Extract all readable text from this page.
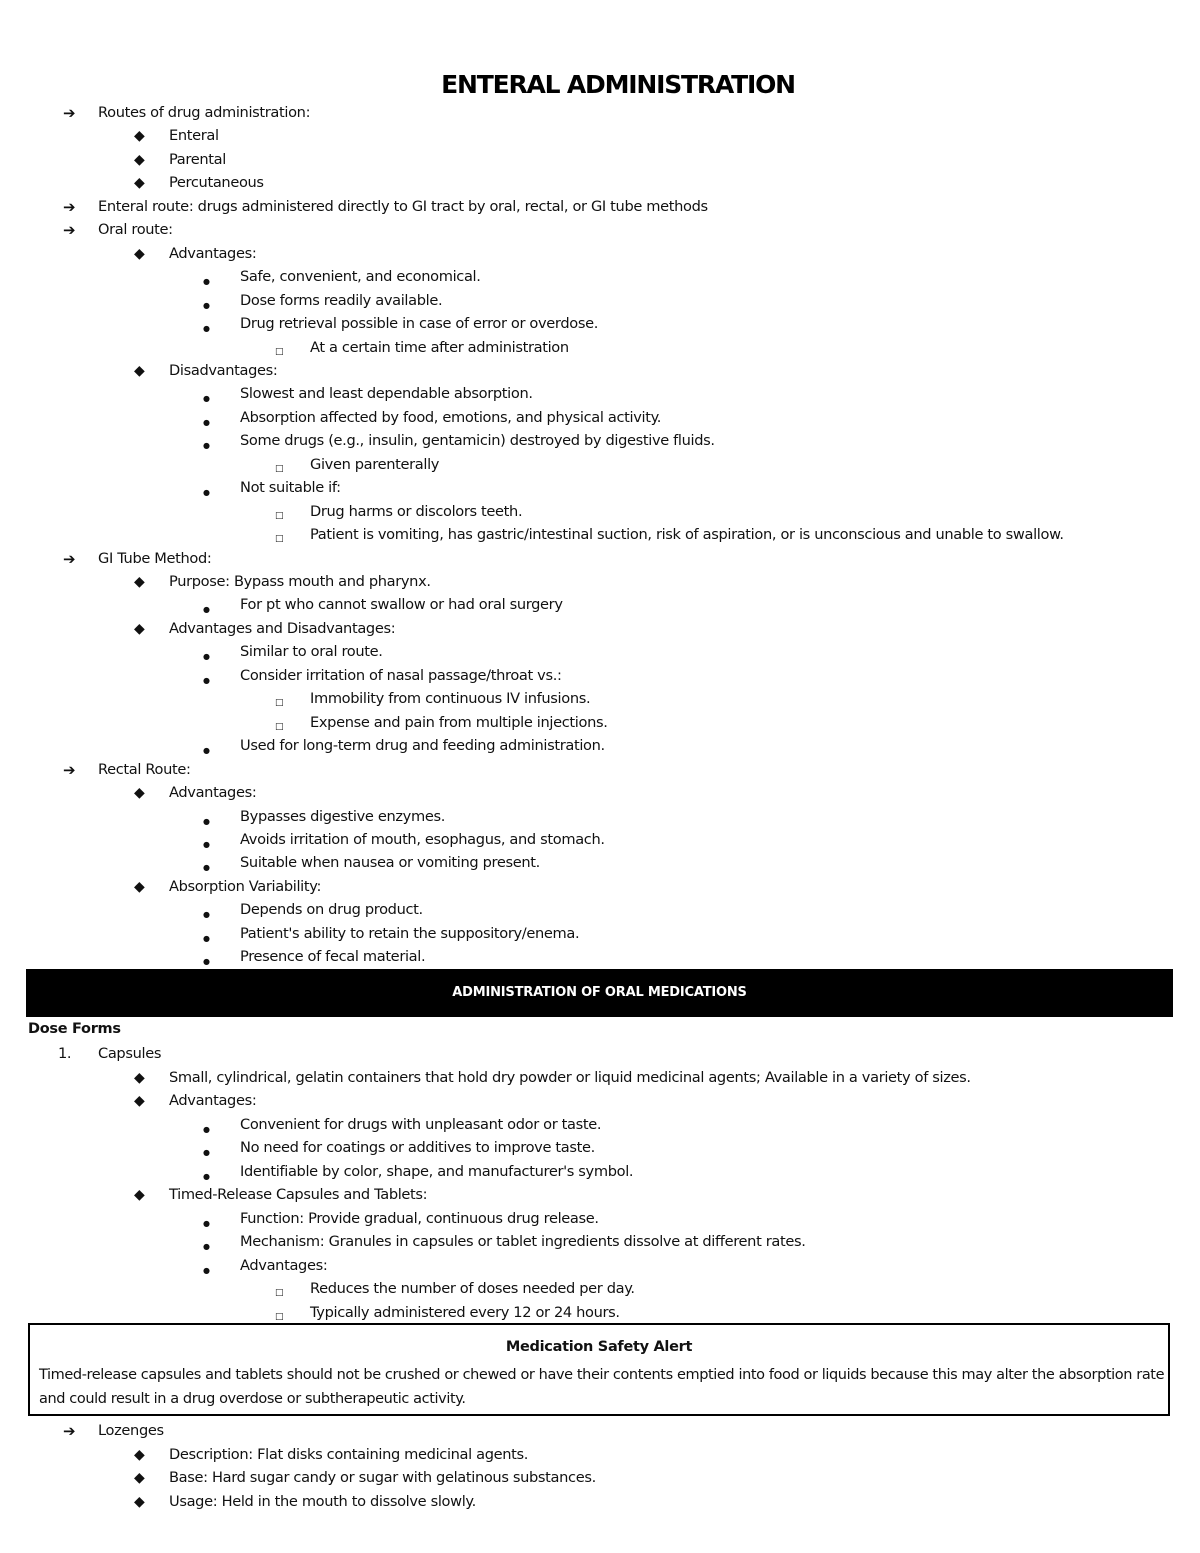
ENTERAL ADMINISTRATION
➔ Routes of drug administration:
◆ Enteral
◆ Parental
◆ Percutaneous
➔ Enteral route: drugs administered directly to GI tract by oral, rectal, or GI tube methods
➔ Oral route:
◆ Advantages:
● Safe, convenient, and economical.
● Dose forms readily available.
● Drug retrieval possible in case of error or overdose.
□ At a certain time after administration
◆ Disadvantages:
● Slowest and least dependable absorption.
● Absorption affected by food, emotions, and physical activity.
● Some drugs (e.g., insulin, gentamicin) destroyed by digestive fluids.
□ Given parenterally
● Not suitable if:
□ Drug harms or discolors teeth.
□ Patient is vomiting, has gastric/intestinal suction, risk of aspiration, or is unconscious and unable to swallow.
➔ GI Tube Method:
◆ Purpose: Bypass mouth and pharynx.
● For pt who cannot swallow or had oral surgery
◆ Advantages and Disadvantages:
● Similar to oral route.
● Consider irritation of nasal passage/throat vs.:
□ Immobility from continuous IV infusions.
□ Expense and pain from multiple injections.
● Used for long-term drug and feeding administration.
➔ Rectal Route:
◆ Advantages:
● Bypasses digestive enzymes.
● Avoids irritation of mouth, esophagus, and stomach.
● Suitable when nausea or vomiting present.
◆ Absorption Variability:
● Depends on drug product.
● Patient's ability to retain the suppository/enema.
● Presence of fecal material.
ADMINISTRATION OF ORAL MEDICATIONS
Dose Forms
1. Capsules
◆ Small, cylindrical, gelatin containers that hold dry powder or liquid medicinal agents; Available in a variety of sizes.
◆ Advantages:
● Convenient for drugs with unpleasant odor or taste.
● No need for coatings or additives to improve taste.
● Identifiable by color, shape, and manufacturer's symbol.
◆ Timed-Release Capsules and Tablets:
● Function: Provide gradual, continuous drug release.
● Mechanism: Granules in capsules or tablet ingredients dissolve at different rates.
● Advantages:
□ Reduces the number of doses needed per day.
□ Typically administered every 12 or 24 hours.
Medication Safety Alert
Timed-release capsules and tablets should not be crushed or chewed or have their contents emptied into food or liquids because this may alter the absorption rate and could result in a drug overdose or subtherapeutic activity.
➔ Lozenges
◆ Description: Flat disks containing medicinal agents.
◆ Base: Hard sugar candy or sugar with gelatinous substances.
◆ Usage: Held in the mouth to dissolve slowly.
